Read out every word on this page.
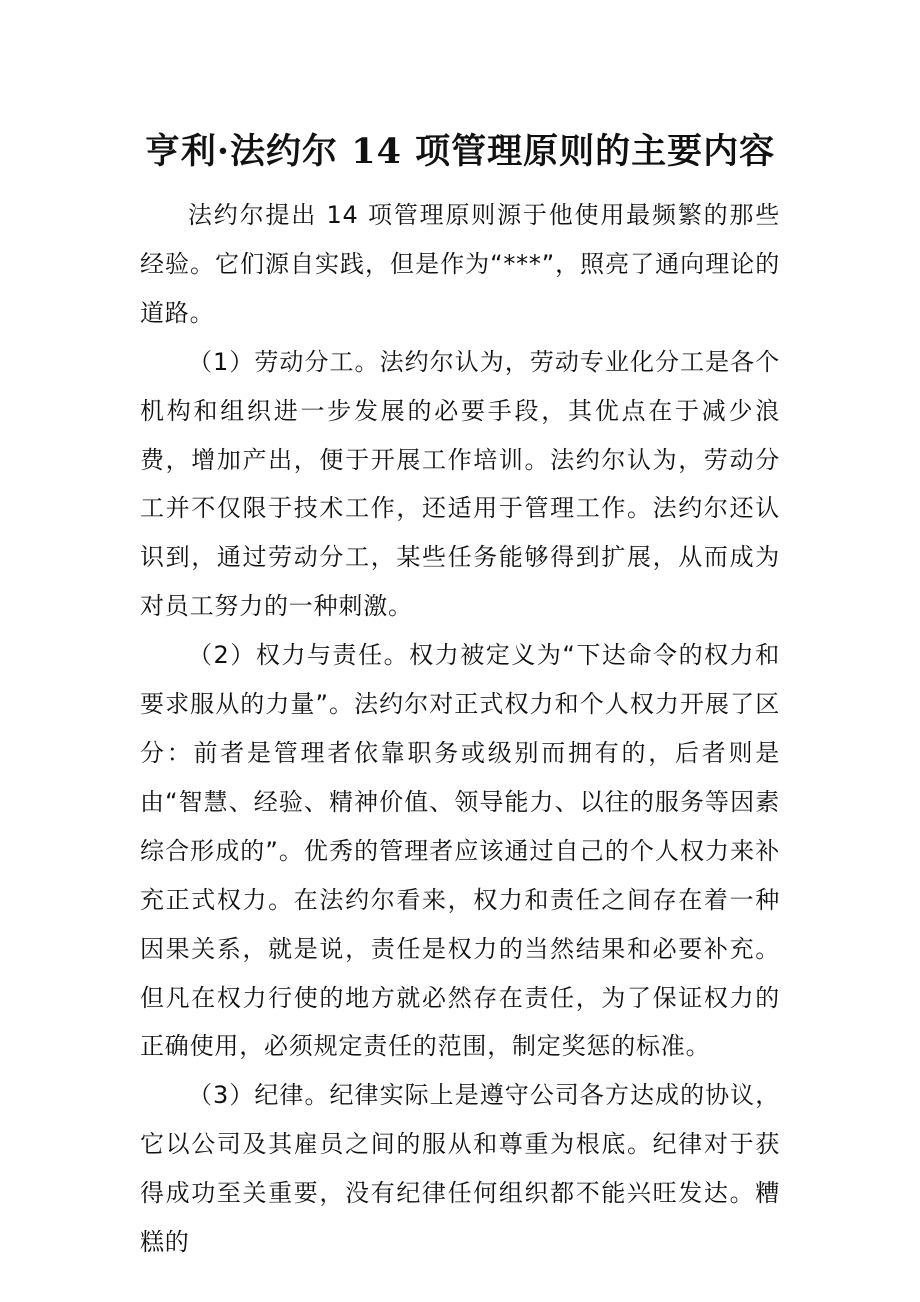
亨利·法约尔 14 项管理原则的主要内容

法约尔提出 14 项管理原则源于他使用最频繁的那些经验。它们源自实践，但是作为“***”，照亮了通向理论的道路。

（1）劳动分工。法约尔认为，劳动专业化分工是各个机构和组织进一步发展的必要手段，其优点在于减少浪费，增加产出，便于开展工作培训。法约尔认为，劳动分工并不仅限于技术工作，还适用于管理工作。法约尔还认识到，通过劳动分工，某些任务能够得到扩展，从而成为对员工努力的一种刺激。

（2）权力与责任。权力被定义为“下达命令的权力和要求服从的力量”。法约尔对正式权力和个人权力开展了区分：前者是管理者依靠职务或级别而拥有的，后者则是由“智慧、经验、精神价值、领导能力、以往的服务等因素综合形成的”。优秀的管理者应该通过自己的个人权力来补充正式权力。在法约尔看来，权力和责任之间存在着一种因果关系，就是说，责任是权力的当然结果和必要补充。但凡在权力行使的地方就必然存在责任，为了保证权力的正确使用，必须规定责任的范围，制定奖惩的标准。

（3）纪律。纪律实际上是遵守公司各方达成的协议，它以公司及其雇员之间的服从和尊重为根底。纪律对于获得成功至关重要，没有纪律任何组织都不能兴旺发达。糟糕的
